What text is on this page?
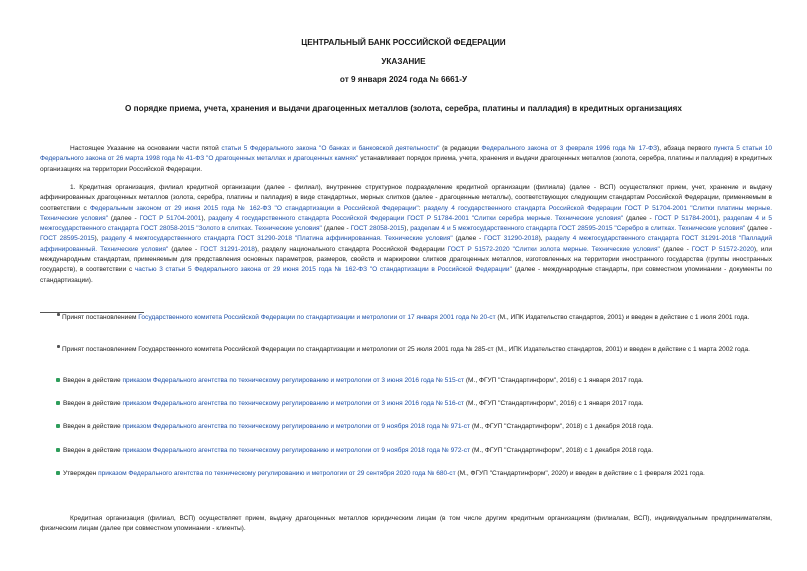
ЦЕНТРАЛЬНЫЙ БАНК РОССИЙСКОЙ ФЕДЕРАЦИИ
УКАЗАНИЕ
от 9 января 2024 года № 6661-У
О порядке приема, учета, хранения и выдачи драгоценных металлов (золота, серебра, платины и палладия) в кредитных организациях

Настоящее Указание на основании части пятой статьи 5 Федерального закона "О банках и банковской деятельности" (в редакции Федерального закона от 3 февраля 1996 года № 17-ФЗ), абзаца первого пункта 5 статьи 10 Федерального закона от 26 марта 1998 года № 41-ФЗ "О драгоценных металлах и драгоценных камнях" устанавливает порядок приема, учета, хранения и выдачи драгоценных металлов (золота, серебра, платины и палладия) в кредитных организациях на территории Российской Федерации.

1. Кредитная организация, филиал кредитной организации (далее - филиал), внутреннее структурное подразделение кредитной организации (филиала) (далее - ВСП) осуществляют прием, учет, хранение и выдачу аффинированных драгоценных металлов (золота, серебра, платины и палладия) в виде стандартных, мерных слитков (далее - драгоценные металлы), соответствующих следующим стандартам Российской Федерации, применяемым в соответствии с Федеральным законом от 29 июня 2015 года № 162-ФЗ "О стандартизации в Российской Федерации": разделу 4 государственного стандарта Российской Федерации ГОСТ Р 51704-2001 "Слитки платины мерные. Технические условия" (далее - ГОСТ Р 51704-2001), разделу 4 государственного стандарта Российской Федерации ГОСТ Р 51784-2001 "Слитки серебра мерные. Технические условия" (далее - ГОСТ Р 51784-2001), разделам 4 и 5 межгосударственного стандарта ГОСТ 28058-2015 "Золото в слитках. Технические условия" (далее - ГОСТ 28058-2015), разделам 4 и 5 межгосударственного стандарта ГОСТ 28595-2015 "Серебро в слитках. Технические условия" (далее - ГОСТ 28595-2015), разделу 4 межгосударственного стандарта ГОСТ 31290-2018 "Платина аффинированная. Технические условия" (далее - ГОСТ 31290-2018), разделу 4 межгосударственного стандарта ГОСТ 31291-2018 "Палладий аффинированный. Технические условия" (далее - ГОСТ 31291-2018), разделу национального стандарта Российской Федерации ГОСТ Р 51572-2020 "Слитки золота мерные. Технические условия" (далее - ГОСТ Р 51572-2020), или международным стандартам, применяемым для представления основных параметров, размеров, свойств и маркировки слитков драгоценных металлов, изготовленных на территории иностранного государства (группы иностранных государств), в соответствии с частью 3 статьи 5 Федерального закона от 29 июня 2015 года № 162-ФЗ "О стандартизации в Российской Федерации" (далее - международные стандарты, при совместном упоминании - документы по стандартизации).

Принят постановлением Государственного комитета Российской Федерации по стандартизации и метрологии от 17 января 2001 года № 20-ст (М., ИПК Издательство стандартов, 2001) и введен в действие с 1 июля 2001 года.

Принят постановлением Государственного комитета Российской Федерации по стандартизации и метрологии от 25 июля 2001 года № 285-ст (М., ИПК Издательство стандартов, 2001) и введен в действие с 1 марта 2002 года.

Введен в действие приказом Федерального агентства по техническому регулированию и метрологии от 3 июня 2016 года № 515-ст (М., ФГУП "Стандартинформ", 2016) с 1 января 2017 года.

Введен в действие приказом Федерального агентства по техническому регулированию и метрологии от 3 июня 2016 года № 516-ст (М., ФГУП "Стандартинформ", 2016) с 1 января 2017 года.

Введен в действие приказом Федерального агентства по техническому регулированию и метрологии от 9 ноября 2018 года № 971-ст (М., ФГУП "Стандартинформ", 2018) с 1 декабря 2018 года.

Введен в действие приказом Федерального агентства по техническому регулированию и метрологии от 9 ноября 2018 года № 972-ст (М., ФГУП "Стандартинформ", 2018) с 1 декабря 2018 года.

Утвержден приказом Федерального агентства по техническому регулированию и метрологии от 29 сентября 2020 года № 680-ст (М., ФГУП "Стандартинформ", 2020) и введен в действие с 1 февраля 2021 года.

Кредитная организация (филиал, ВСП) осуществляет прием, выдачу драгоценных металлов юридическим лицам (в том числе другим кредитным организациям (филиалам, ВСП), индивидуальным предпринимателям, физическим лицам (далее при совместном упоминании - клиенты).
